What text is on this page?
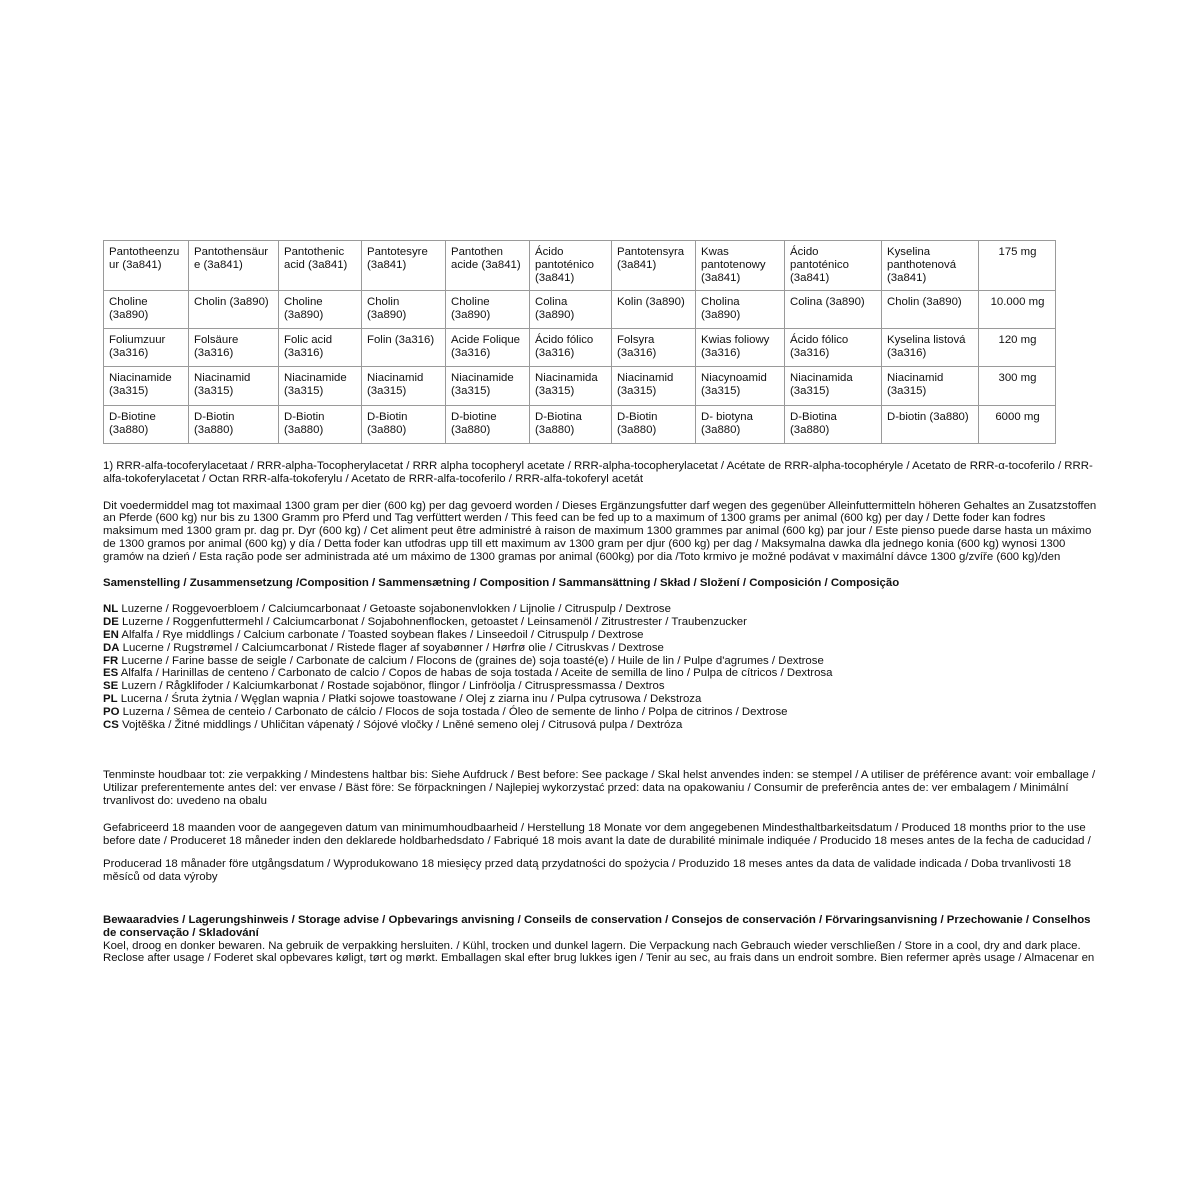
Pantotheenzuur (3a841)	Pantothensäure (3a841)	Pantothenic acid (3a841)	Pantotesyre (3a841)	Pantothen acide (3a841)	Ácido pantoténico (3a841)	Pantotensyra (3a841)	Kwas pantotenowy (3a841)	Ácido pantoténico (3a841)	Kyselina panthotenová (3a841)	175 mg
Choline (3a890)	Cholin (3a890)	Choline (3a890)	Cholin (3a890)	Choline (3a890)	Colina (3a890)	Kolin (3a890)	Cholina (3a890)	Colina (3a890)	Cholin (3a890)	10.000 mg
Foliumzuur (3a316)	Folsäure (3a316)	Folic acid (3a316)	Folin (3a316)	Acide Folique (3a316)	Ácido fólico (3a316)	Folsyra (3a316)	Kwias foliowy (3a316)	Ácido fólico (3a316)	Kyselina listová (3a316)	120 mg
Niacinamide (3a315)	Niacinamid (3a315)	Niacinamide (3a315)	Niacinamid (3a315)	Niacinamide (3a315)	Niacinamida (3a315)	Niacinamid (3a315)	Niacynoamid (3a315)	Niacinamida (3a315)	Niacinamid (3a315)	300 mg
D-Biotine (3a880)	D-Biotin (3a880)	D-Biotin (3a880)	D-Biotin (3a880)	D-biotine (3a880)	D-Biotina (3a880)	D-Biotin (3a880)	D- biotyna (3a880)	D-Biotina (3a880)	D-biotin (3a880)	6000 mg

1) RRR-alfa-tocoferylacetaat / RRR-alpha-Tocopherylacetat / RRR alpha tocopheryl acetate / RRR-alpha-tocopherylacetat / Acétate de RRR-alpha-tocophéryle / Acetato de RRR-α-tocoferilo / RRR-alfa-tokoferylacetat / Octan RRR-alfa-tokoferylu / Acetato de RRR-alfa-tocoferilo / RRR-alfa-tokoferyl acetát

Dit voedermiddel mag tot maximaal 1300 gram per dier (600 kg) per dag gevoerd worden / Dieses Ergänzungsfutter darf wegen des gegenüber Alleinfuttermitteln höheren Gehaltes an Zusatzstoffen an Pferde (600 kg) nur bis zu 1300 Gramm pro Pferd und Tag verfüttert werden / This feed can be fed up to a maximum of 1300 grams per animal (600 kg) per day / Dette foder kan fodres maksimum med 1300 gram pr. dag pr. Dyr (600 kg) / Cet aliment peut être administré à raison de maximum 1300 grammes par animal (600 kg) par jour / Este pienso puede darse hasta un máximo de 1300 gramos por animal (600 kg) y día / Detta foder kan utfodras upp till ett maximum av 1300 gram per djur (600 kg) per dag / Maksymalna dawka dla jednego konia (600 kg) wynosi 1300 gramów na dzień / Esta ração pode ser administrada até um máximo de 1300 gramas por animal (600kg) por dia /Toto krmivo je možné podávat v maximální dávce 1300 g/zvíře (600 kg)/den

Samenstelling / Zusammensetzung /Composition / Sammensætning / Composition / Sammansättning / Skład / Složení / Composición / Composição

NL Luzerne / Roggevoerbloem / Calciumcarbonaat / Getoaste sojabonenvlokken / Lijnolie / Citruspulp / Dextrose

DE Luzerne / Roggenfuttermehl / Calciumcarbonat / Sojabohnenflocken, getoastet / Leinsamenöl / Zitrustrester / Traubenzucker

EN Alfalfa / Rye middlings / Calcium carbonate / Toasted soybean flakes / Linseedoil / Citruspulp / Dextrose

DA Lucerne / Rugstrømel / Calciumcarbonat / Ristede flager af soyabønner / Hørfrø olie / Citruskvas / Dextrose

FR Lucerne / Farine basse de seigle / Carbonate de calcium / Flocons de (graines de) soja toasté(e) / Huile de lin / Pulpe d'agrumes / Dextrose

ES Alfalfa / Harinillas de centeno / Carbonato de calcio / Copos de habas de soja tostada / Aceite de semilla de lino / Pulpa de cítricos / Dextrosa

SE Luzern / Rågklifoder / Kalciumkarbonat / Rostade sojabönor, flingor / Linfröolja / Citruspressmassa / Dextros

PL Lucerna / Śruta żytnia / Węglan wapnia / Płatki sojowe toastowane / Olej z ziarna inu / Pulpa cytrusowa / Dekstroza

PO Luzerna / Sêmea de centeio / Carbonato de cálcio / Flocos de soja tostada / Óleo de semente de linho / Polpa de citrinos / Dextrose

CS Vojtěška / Žitné middlings / Uhličitan vápenatý / Sójové vločky / Lněné semeno olej / Citrusová pulpa / Dextróza

Tenminste houdbaar tot: zie verpakking / Mindestens haltbar bis: Siehe Aufdruck / Best before: See package / Skal helst anvendes inden: se stempel / A utiliser de préférence avant: voir emballage / Utilizar preferentemente antes del: ver envase / Bäst före: Se förpackningen / Najlepiej wykorzystać przed: data na opakowaniu / Consumir de preferência antes de: ver embalagem / Minimální trvanlivost do: uvedeno na obalu

Gefabriceerd 18 maanden voor de aangegeven datum van minimumhoudbaarheid / Herstellung 18 Monate vor dem angegebenen Mindesthaltbarkeitsdatum / Produced 18 months prior to the use before date / Produceret 18 måneder inden den deklarede holdbarhedsdato / Fabriqué 18 mois avant la date de durabilité minimale indiquée / Producido 18 meses antes de la fecha de caducidad /

Producerad 18 månader före utgångsdatum / Wyprodukowano 18 miesięcy przed datą przydatności do spożycia / Produzido 18 meses antes da data de validade indicada / Doba trvanlivosti 18 měsíců od data výroby

Bewaaradvies / Lagerungshinweis / Storage advise / Opbevarings anvisning / Conseils de conservation / Consejos de conservación / Förvaringsanvisning / Przechowanie / Conselhos de conservação / Skladování

Koel, droog en donker bewaren. Na gebruik de verpakking hersluiten. / Kühl, trocken und dunkel lagern. Die Verpackung nach Gebrauch wieder verschließen / Store in a cool, dry and dark place. Reclose after usage / Foderet skal opbevares køligt, tørt og mørkt. Emballagen skal efter brug lukkes igen / Tenir au sec, au frais dans un endroit sombre. Bien refermer après usage / Almacenar en
